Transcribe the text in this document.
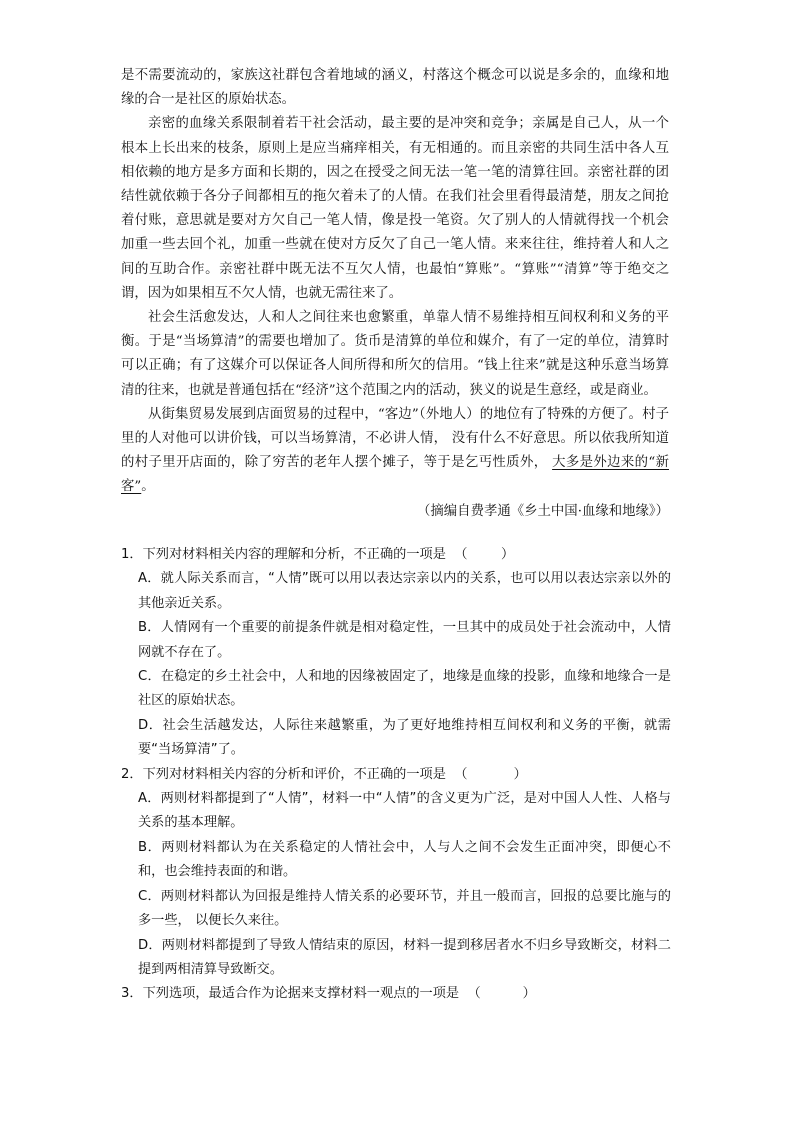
是不需要流动的，家族这社群包含着地域的涵义，村落这个概念可以说是多余的，血缘和地缘的合一是社区的原始状态。

亲密的血缘关系限制着若干社会活动，最主要的是冲突和竞争；亲属是自己人，从一个根本上长出来的枝条，原则上是应当痛痒相关，有无相通的。而且亲密的共同生活中各人互相依赖的地方是多方面和长期的，因之在授受之间无法一笔一笔的清算往回。亲密社群的团结性就依赖于各分子间都相互的拖欠着未了的人情。在我们社会里看得最清楚，朋友之间抢着付账，意思就是要对方欠自己一笔人情，像是投一笔资。欠了别人的人情就得找一个机会加重一些去回个礼，加重一些就在使对方反欠了自己一笔人情。来来往往，维持着人和人之间的互助合作。亲密社群中既无法不互欠人情，也最怕“算账”。“算账”“清算”等于绝交之谓，因为如果相互不欠人情，也就无需往来了。

社会生活愈发达，人和人之间往来也愈繁重，单靠人情不易维持相互间权利和义务的平衡。于是“当场算清”的需要也增加了。货币是清算的单位和媒介，有了一定的单位，清算时可以正确；有了这媒介可以保证各人间所得和所欠的信用。“钱上往来”就是这种乐意当场算清的往来，也就是普通包括在“经济”这个范围之内的活动，狭义的说是生意经，或是商业。

从街集贸易发展到店面贸易的过程中，“客边”（外地人）的地位有了特殊的方便了。村子里的人对他可以讲价钱，可以当场算清，不必讲人情， 没有什么不好意思。所以依我所知道的村子里开店面的，除了穷苦的老年人摆个摊子，等于是乞丐性质外， 大多是外边来的“新客”。

（摘编自费孝通《乡土中国·血缘和地缘》）

1．下列对材料相关内容的理解和分析，不正确的一项是  （        ）

A．就人际关系而言，“人情”既可以用以表达宗亲以内的关系，也可以用以表达宗亲以外的其他亲近关系。

B．人情网有一个重要的前提条件就是相对稳定性，一旦其中的成员处于社会流动中，人情网就不存在了。

C．在稳定的乡土社会中，人和地的因缘被固定了，地缘是血缘的投影，血缘和地缘合一是社区的原始状态。

D．社会生活越发达，人际往来越繁重，为了更好地维持相互间权利和义务的平衡，就需要“当场算清”了。

2．下列对材料相关内容的分析和评价，不正确的一项是  （           ）

A．两则材料都提到了“人情”，材料一中“人情”的含义更为广泛，是对中国人人性、人格与关系的基本理解。

B．两则材料都认为在关系稳定的人情社会中，人与人之间不会发生正面冲突，即便心不和，也会维持表面的和谐。

C．两则材料都认为回报是维持人情关系的必要环节，并且一般而言，回报的总要比施与的多一些， 以便长久来往。

D．两则材料都提到了导致人情结束的原因，材料一提到移居者水不归乡导致断交，材料二提到两相清算导致断交。

3．下列选项，最适合作为论据来支撑材料一观点的一项是  （          ）
